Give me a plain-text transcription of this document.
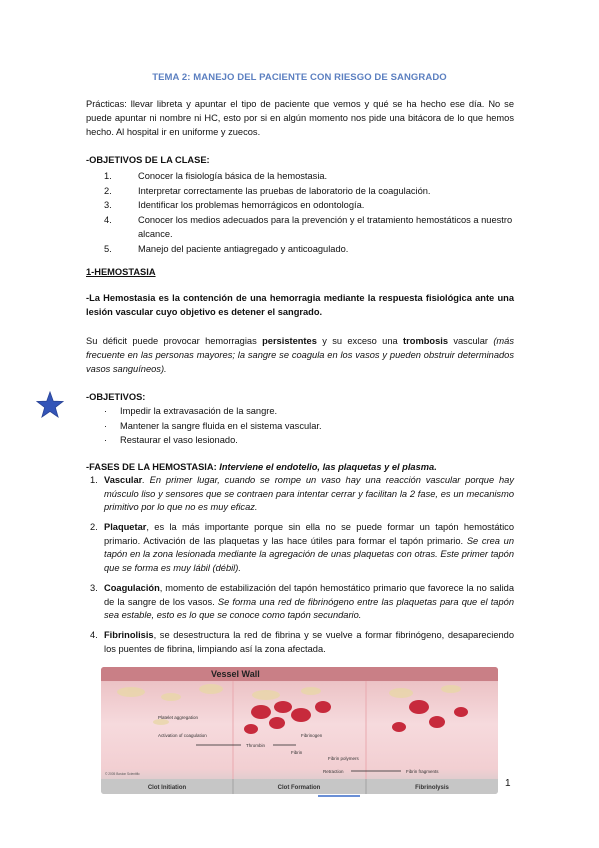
TEMA 2: MANEJO DEL PACIENTE CON RIESGO DE SANGRADO
Prácticas: llevar libreta y apuntar el tipo de paciente que vemos y qué se ha hecho ese día. No se puede apuntar ni nombre ni HC, esto por si en algún momento nos pide una bitácora de lo que hemos hecho. Al hospital ir en uniforme y zuecos.
-OBJETIVOS DE LA CLASE:
1.	Conocer la fisiología básica de la hemostasia.
2.	Interpretar correctamente las pruebas de laboratorio de la coagulación.
3.	Identificar los problemas hemorrágicos en odontología.
4.	Conocer los medios adecuados para la prevención y el tratamiento hemostáticos a nuestro alcance.
5.	Manejo del paciente antiagregado y anticoagulado.
1-HEMOSTASIA
-La Hemostasia es la contención de una hemorragia mediante la respuesta fisiológica ante una lesión vascular cuyo objetivo es detener el sangrado.
Su déficit puede provocar hemorragias persistentes y su exceso una trombosis vascular (más frecuente en las personas mayores; la sangre se coagula en los vasos y pueden obstruir determinados vasos sanguíneos).
-OBJETIVOS:
· Impedir la extravasación de la sangre.
· Mantener la sangre fluida en el sistema vascular.
· Restaurar el vaso lesionado.
-FASES DE LA HEMOSTASIA: Interviene el endotelio, las plaquetas y el plasma.
1. Vascular. En primer lugar, cuando se rompe un vaso hay una reacción vascular porque hay músculo liso y sensores que se contraen para intentar cerrar y facilitan la 2 fase, es un mecanismo primitivo por lo que no es muy eficaz.
2. Plaquetar, es la más importante porque sin ella no se puede formar un tapón hemostático primario. Activación de las plaquetas y las hace útiles para formar el tapón primario. Se crea un tapón en la zona lesionada mediante la agregación de unas plaquetas con otras. Este primer tapón que se forma es muy lábil (débil).
3. Coagulación, momento de estabilización del tapón hemostático primario que favorece la no salida de la sangre de los vasos. Se forma una red de fibrinógeno entre las plaquetas para que el tapón sea estable, esto es lo que se conoce como tapón secundario.
4. Fibrinolisis, se desestructura la red de fibrina y se vuelve a formar fibrinógeno, desapareciendo los puentes de fibrina, limpiando así la zona afectada.
Vessel Wall
Platelet aggregation
Activation of coagulation
Thrombin
Fibrinogen
Fibrin
Fibrin polymers
Retraction	Fibrin fragments
© 2005 Boston Scientific
Clot Initiation	Clot Formation	Fibrinolysis	1
